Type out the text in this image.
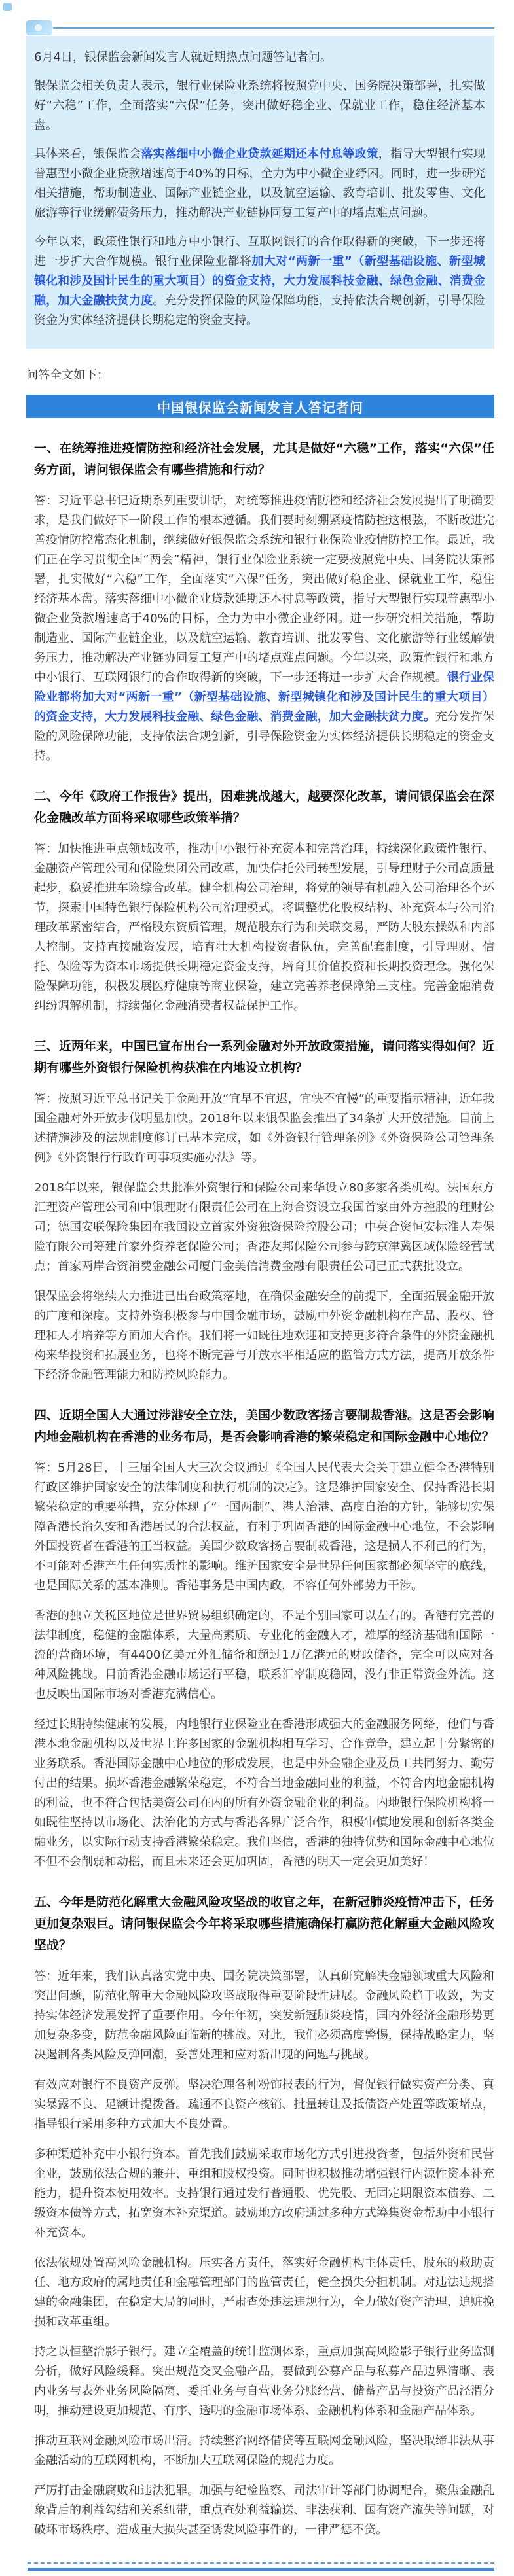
6月4日，银保监会新闻发言人就近期热点问题答记者问。

银保监会相关负责人表示，银行业保险业系统将按照党中央、国务院决策部署，扎实做好“六稳”工作，全面落实“六保”任务，突出做好稳企业、保就业工作，稳住经济基本盘。

具体来看，银保监会落实落细中小微企业贷款延期还本付息等政策，指导大型银行实现普惠型小微企业贷款增速高于40%的目标，全力为中小微企业纾困。同时，进一步研究相关措施，帮助制造业、国际产业链企业，以及航空运输、教育培训、批发零售、文化旅游等行业缓解债务压力，推动解决产业链协同复工复产中的堵点难点问题。

今年以来，政策性银行和地方中小银行、互联网银行的合作取得新的突破，下一步还将进一步扩大合作规模。银行业保险业都将加大对“两新一重”（新型基础设施、新型城镇化和涉及国计民生的重大项目）的资金支持，大力发展科技金融、绿色金融、消费金融，加大金融扶贫力度。充分发挥保险的风险保障功能，支持依法合规创新，引导保险资金为实体经济提供长期稳定的资金支持。

问答全文如下：

中国银保监会新闻发言人答记者问
一、在统筹推进疫情防控和经济社会发展，尤其是做好“六稳”工作，落实“六保”任务方面，请问银保监会有哪些措施和行动？

答：习近平总书记近期系列重要讲话，对统筹推进疫情防控和经济社会发展提出了明确要求，是我们做好下一阶段工作的根本遵循。我们要时刻绷紧疫情防控这根弦，不断改进完善疫情防控常态化机制，继续做好银保监会系统和银行业保险业疫情防控工作。最近，我们正在学习贯彻全国“两会”精神，银行业保险业系统一定要按照党中央、国务院决策部署，扎实做好“六稳”工作，全面落实“六保”任务，突出做好稳企业、保就业工作，稳住经济基本盘。落实落细中小微企业贷款延期还本付息等政策，指导大型银行实现普惠型小微企业贷款增速高于40%的目标，全力为中小微企业纾困。进一步研究相关措施，帮助制造业、国际产业链企业，以及航空运输、教育培训、批发零售、文化旅游等行业缓解债务压力，推动解决产业链协同复工复产中的堵点难点问题。今年以来，政策性银行和地方中小银行、互联网银行的合作取得新的突破，下一步还将进一步扩大合作规模。银行业保险业都将加大对“两新一重”（新型基础设施、新型城镇化和涉及国计民生的重大项目）的资金支持，大力发展科技金融、绿色金融、消费金融，加大金融扶贫力度。充分发挥保险的风险保障功能，支持依法合规创新，引导保险资金为实体经济提供长期稳定的资金支持。

二、今年《政府工作报告》提出，困难挑战越大，越要深化改革，请问银保监会在深化金融改革方面将采取哪些政策举措？

答：加快推进重点领域改革，推动中小银行补充资本和完善治理，持续深化政策性银行、金融资产管理公司和保险集团公司改革，加快信托公司转型发展，引导理财子公司高质量起步，稳妥推进车险综合改革。健全机构公司治理，将党的领导有机融入公司治理各个环节，探索中国特色银行保险机构公司治理模式，将调整优化股权结构、补充资本与公司治理改革紧密结合，严格股东资质管理，规范股东行为和关联交易，严防大股东操纵和内部人控制。支持直接融资发展，培育壮大机构投资者队伍，完善配套制度，引导理财、信托、保险等为资本市场提供长期稳定资金支持，培育其价值投资和长期投资理念。强化保险保障功能，积极发展医疗健康等商业保险，建立完善养老保障第三支柱。完善金融消费纠纷调解机制，持续强化金融消费者权益保护工作。

三、近两年来，中国已宣布出台一系列金融对外开放政策措施，请问落实得如何？近期有哪些外资银行保险机构获准在内地设立机构？

答：按照习近平总书记关于金融开放“宜早不宜迟，宜快不宜慢”的重要指示精神，近年我国金融对外开放步伐明显加快。2018年以来银保监会推出了34条扩大开放措施。目前上述措施涉及的法规制度修订已基本完成，如《外资银行管理条例》《外资保险公司管理条例》《外资银行行政许可事项实施办法》等。

2018年以来，银保监会共批准外资银行和保险公司来华设立80多家各类机构。法国东方汇理资产管理公司和中银理财有限责任公司在上海合资设立我国首家由外方控股的理财公司；德国安联保险集团在我国设立首家外资独资保险控股公司；中英合资恒安标准人寿保险有限公司筹建首家外资养老保险公司；香港友邦保险公司参与跨京津冀区域保险经营试点；首家两岸合资消费金融公司厦门金美信消费金融有限责任公司已正式获批设立。

银保监会将继续大力推进已出台政策落地，在确保金融安全的前提下，全面拓展金融开放的广度和深度。支持外资积极参与中国金融市场，鼓励中外资金融机构在产品、股权、管理和人才培养等方面加大合作。我们将一如既往地欢迎和支持更多符合条件的外资金融机构来华投资和拓展业务，也将不断完善与开放水平相适应的监管方式方法，提高开放条件下经济金融管理能力和防控风险能力。

四、近期全国人大通过涉港安全立法，美国少数政客扬言要制裁香港。这是否会影响内地金融机构在香港的业务布局，是否会影响香港的繁荣稳定和国际金融中心地位？

答：5月28日，十三届全国人大三次会议通过《全国人民代表大会关于建立健全香港特别行政区维护国家安全的法律制度和执行机制的决定》。这是维护国家安全、保持香港长期繁荣稳定的重要举措，充分体现了“一国两制”、港人治港、高度自治的方针，能够切实保障香港长治久安和香港居民的合法权益，有利于巩固香港的国际金融中心地位，不会影响外国投资者在香港的正当权益。美国少数政客扬言要制裁香港，这是损人不利己的行为，不可能对香港产生任何实质性的影响。维护国家安全是世界任何国家都必须坚守的底线，也是国际关系的基本准则。香港事务是中国内政，不容任何外部势力干涉。

香港的独立关税区地位是世界贸易组织确定的，不是个别国家可以左右的。香港有完善的法律制度，稳健的金融体系，大量高素质、专业化的金融人才，雄厚的经济基础和国际一流的营商环境，有4400亿美元外汇储备和超过1万亿港元的财政储备，完全可以应对各种风险挑战。目前香港金融市场运行平稳，联系汇率制度稳固，没有非正常资金外流。这也反映出国际市场对香港充满信心。

经过长期持续健康的发展，内地银行业保险业在香港形成强大的金融服务网络，他们与香港本地金融机构以及世界上许多国家的金融机构相互学习、合作竞争，建立起十分紧密的业务联系。香港国际金融中心地位的形成发展，也是中外金融企业及员工共同努力、勤劳付出的结果。损坏香港金融繁荣稳定，不符合当地金融同业的利益，不符合内地金融机构的利益，也不符合包括美资公司在内的所有外资金融企业的利益。内地银行保险机构将一如既往坚持以市场化、法治化的方式与香港各界广泛合作，积极审慎地发展和创新各类金融业务，以实际行动支持香港繁荣稳定。我们坚信，香港的独特优势和国际金融中心地位不但不会削弱和动摇，而且未来还会更加巩固，香港的明天一定会更加美好！

五、今年是防范化解重大金融风险攻坚战的收官之年，在新冠肺炎疫情冲击下，任务更加复杂艰巨。请问银保监会今年将采取哪些措施确保打赢防范化解重大金融风险攻坚战？

答：近年来，我们认真落实党中央、国务院决策部署，认真研究解决金融领域重大风险和突出问题，防范化解重大金融风险攻坚战取得重要阶段性进展。金融风险趋于收敛，为支持实体经济发展发挥了重要作用。今年年初，突发新冠肺炎疫情，国内外经济金融形势更加复杂多变，防范金融风险面临新的挑战。对此，我们必须高度警惕，保持战略定力，坚决遏制各类风险反弹回潮，妥善处理和应对新出现的问题与挑战。

有效应对银行不良资产反弹。坚决治理各种粉饰报表的行为，督促银行做实资产分类、真实暴露不良、足额计提拨备。疏通不良资产核销、批量转让及抵债资产处置等政策堵点，指导银行采用多种方式加大不良处置。

多种渠道补充中小银行资本。首先我们鼓励采取市场化方式引进投资者，包括外资和民营企业，鼓励依法合规的兼并、重组和股权投资。同时也积极推动增强银行内源性资本补充能力，提升资本使用效率。支持银行通过发行普通股、优先股、无固定期限资本债券、二级资本债等方式，拓宽资本补充渠道。鼓励地方政府通过多种方式筹集资金帮助中小银行补充资本。

依法依规处置高风险金融机构。压实各方责任，落实好金融机构主体责任、股东的救助责任、地方政府的属地责任和金融管理部门的监管责任，健全损失分担机制。对违法违规搭建的金融集团，在稳定大局的同时，严肃查处违法违规行为，全力做好资产清理、追赃挽损和改革重组。

持之以恒整治影子银行。建立全覆盖的统计监测体系，重点加强高风险影子银行业务监测分析，做好风险缓释。突出规范交叉金融产品，要做到公募产品与私募产品边界清晰、表内业务与表外业务风险隔离、委托业务与自营业务分账经营、储蓄产品与投资产品泾渭分明，推动建设更加规范、有序、透明的金融市场体系、金融机构体系和金融产品体系。

推动互联网金融风险市场出清。持续整治网络借贷等互联网金融风险，坚决取缔非法从事金融活动的互联网机构，不断加大互联网保险的规范力度。

严厉打击金融腐败和违法犯罪。加强与纪检监察、司法审计等部门协调配合，聚焦金融乱象背后的利益勾结和关系纽带，重点查处利益输送、非法获利、国有资产流失等问题，对破坏市场秩序、造成重大损失甚至诱发风险事件的，一律严惩不贷。
